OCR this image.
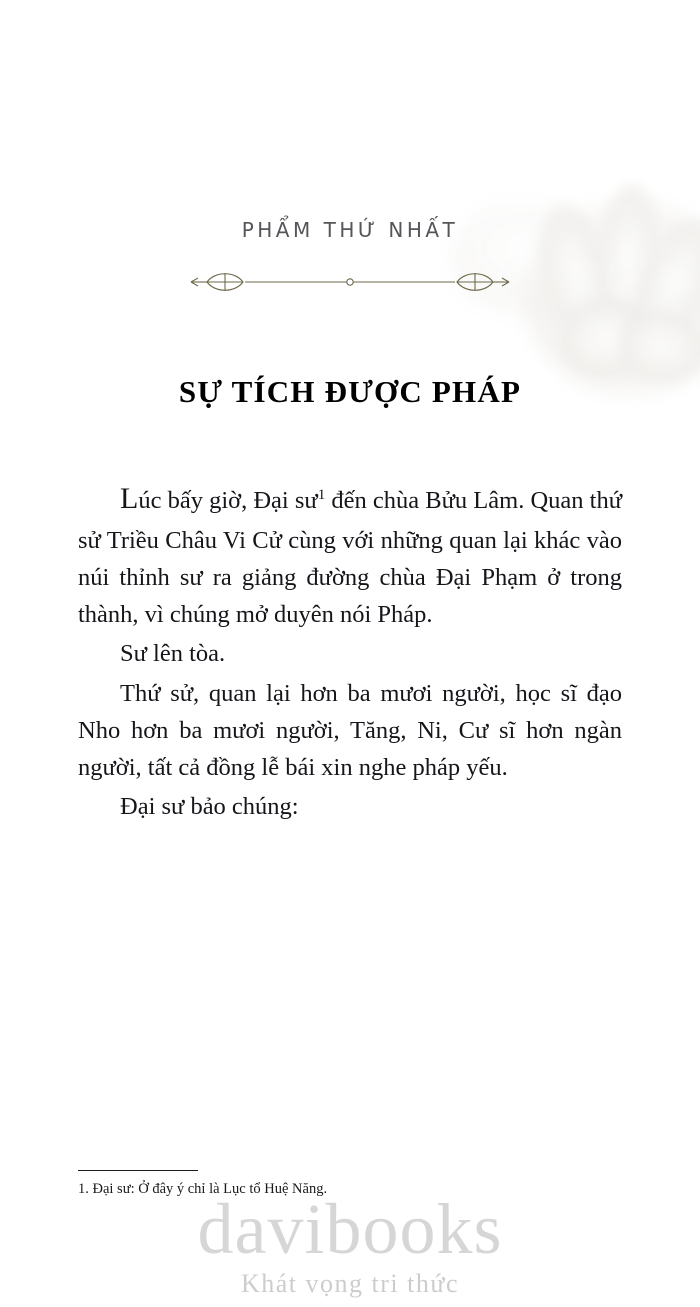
PHẨM THỨ NHẤT
SỰ TÍCH ĐƯỢC PHÁP

Lúc bấy giờ, Đại sư$^1$ đến chùa Bửu Lâm. Quan thứ sử Triều Châu Vi Cử cùng với những quan lại khác vào núi thỉnh sư ra giảng đường chùa Đại Phạm ở trong thành, vì chúng mở duyên nói Pháp.

Sư lên tòa.

Thứ sử, quan lại hơn ba mươi người, học sĩ đạo Nho hơn ba mươi người, Tăng, Ni, Cư sĩ hơn ngàn người, tất cả đồng lễ bái xin nghe pháp yếu.

Đại sư bảo chúng:

1. Đại sư: Ở đây ý chỉ là Lục tổ Huệ Năng.
davibooks
Khát vọng tri thức
